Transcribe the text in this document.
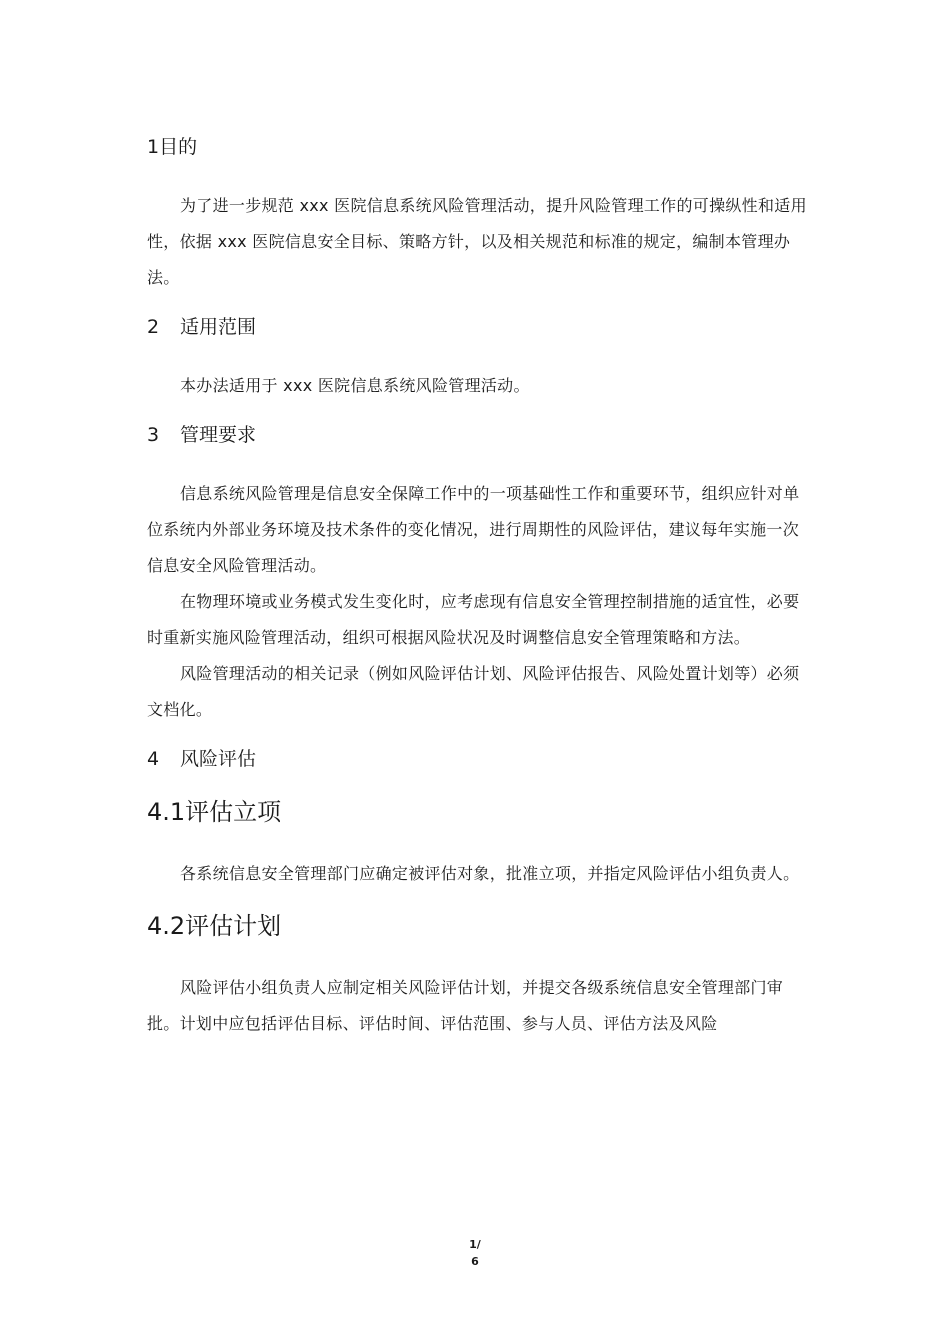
1目的

为了进一步规范 xxx 医院信息系统风险管理活动，提升风险管理工作的可操纵性和适用性，依据 xxx 医院信息安全目标、策略方针，以及相关规范和标准的规定，编制本管理办法。

2 适用范围

本办法适用于 xxx 医院信息系统风险管理活动。

3 管理要求

信息系统风险管理是信息安全保障工作中的一项基础性工作和重要环节，组织应针对单位系统内外部业务环境及技术条件的变化情况，进行周期性的风险评估，建议每年实施一次信息安全风险管理活动。

在物理环境或业务模式发生变化时，应考虑现有信息安全管理控制措施的适宜性，必要时重新实施风险管理活动，组织可根据风险状况及时调整信息安全管理策略和方法。

风险管理活动的相关记录（例如风险评估计划、风险评估报告、风险处置计划等）必须文档化。

4 风险评估
4.1评估立项

各系统信息安全管理部门应确定被评估对象，批准立项，并指定风险评估小组负责人。

4.2评估计划

风险评估小组负责人应制定相关风险评估计划，并提交各级系统信息安全管理部门审批。计划中应包括评估目标、评估时间、评估范围、参与人员、评估方法及风险

1/
6
